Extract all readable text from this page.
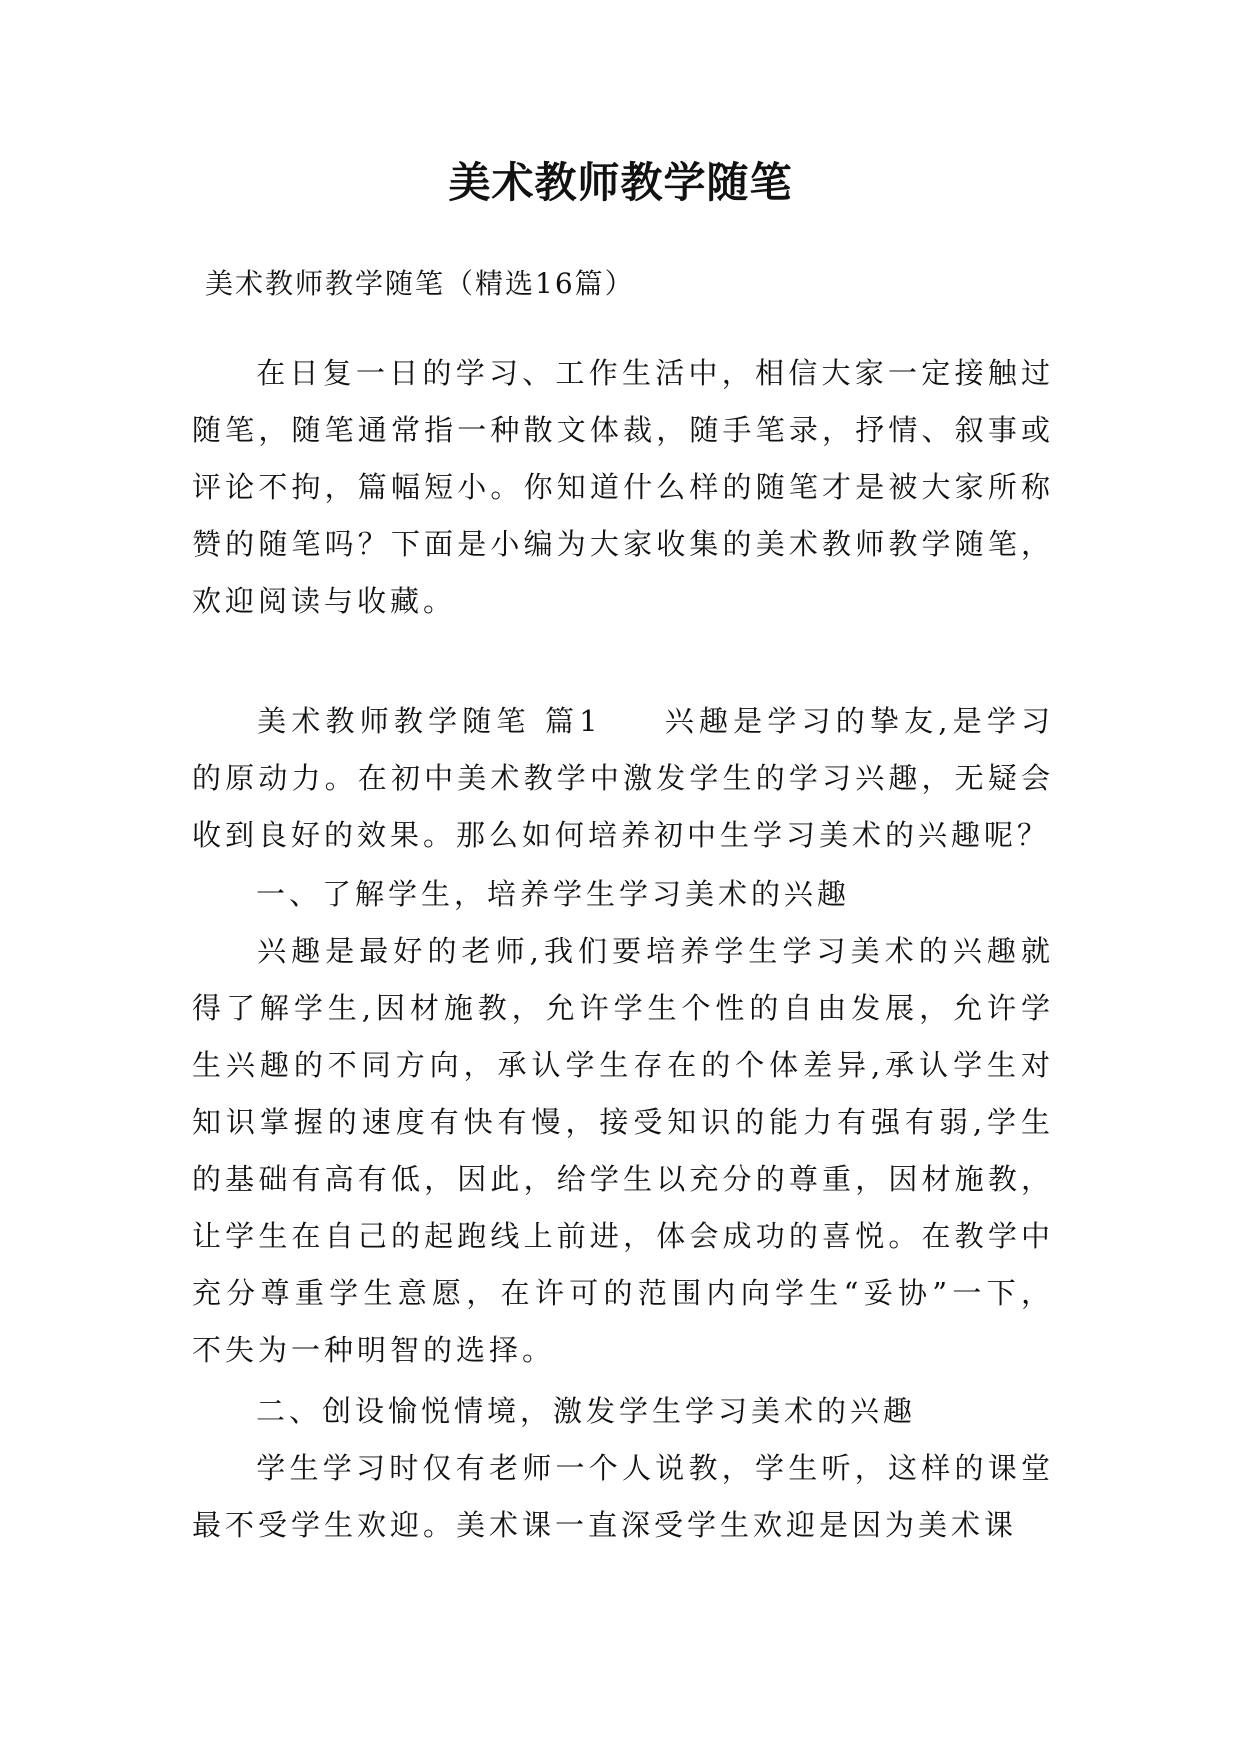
美术教师教学随笔

美术教师教学随笔（精选16篇）

在日复一日的学习、工作生活中，相信大家一定接触过随笔，随笔通常指一种散文体裁，随手笔录，抒情、叙事或评论不拘，篇幅短小。你知道什么样的随笔才是被大家所称赞的随笔吗？下面是小编为大家收集的美术教师教学随笔，欢迎阅读与收藏。

美术教师教学随笔 篇1 兴趣是学习的挚友,是学习的原动力。在初中美术教学中激发学生的学习兴趣，无疑会收到良好的效果。那么如何培养初中生学习美术的兴趣呢？

一、了解学生，培养学生学习美术的兴趣

兴趣是最好的老师,我们要培养学生学习美术的兴趣就得了解学生,因材施教，允许学生个性的自由发展，允许学生兴趣的不同方向，承认学生存在的个体差异,承认学生对知识掌握的速度有快有慢，接受知识的能力有强有弱,学生的基础有高有低，因此，给学生以充分的尊重，因材施教，让学生在自己的起跑线上前进，体会成功的喜悦。在教学中充分尊重学生意愿，在许可的范围内向学生“妥协”一下，不失为一种明智的选择。

二、创设愉悦情境，激发学生学习美术的兴趣

学生学习时仅有老师一个人说教，学生听，这样的课堂最不受学生欢迎。美术课一直深受学生欢迎是因为美术课
